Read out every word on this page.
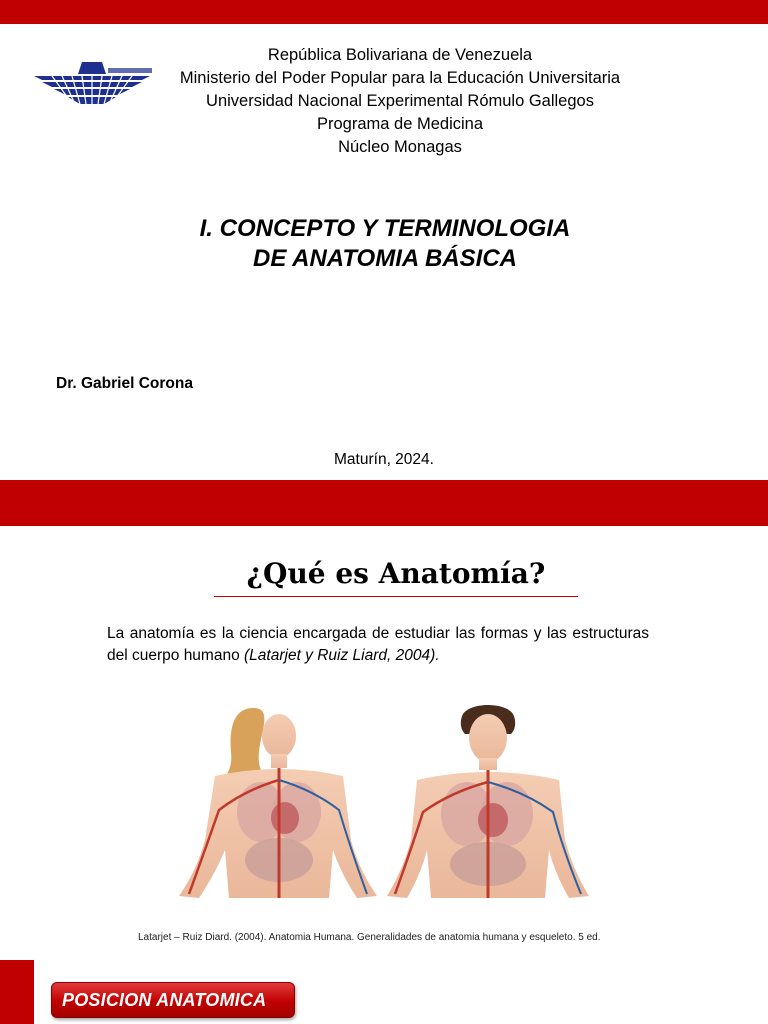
República Bolivariana de Venezuela
Ministerio del Poder Popular para la Educación Universitaria
Universidad Nacional Experimental Rómulo Gallegos
Programa de Medicina
Núcleo Monagas
I. CONCEPTO Y TERMINOLOGIA
DE ANATOMIA BÁSICA
Dr. Gabriel Corona
Maturín, 2024.
¿Qué es Anatomía?
La anatomía es la ciencia encargada de estudiar las formas y las estructuras del cuerpo humano (Latarjet y Ruiz Liard, 2004).
Latarjet – Ruiz Diard. (2004). Anatomia Humana. Generalidades de anatomia humana y esqueleto. 5 ed.
POSICION ANATOMICA
